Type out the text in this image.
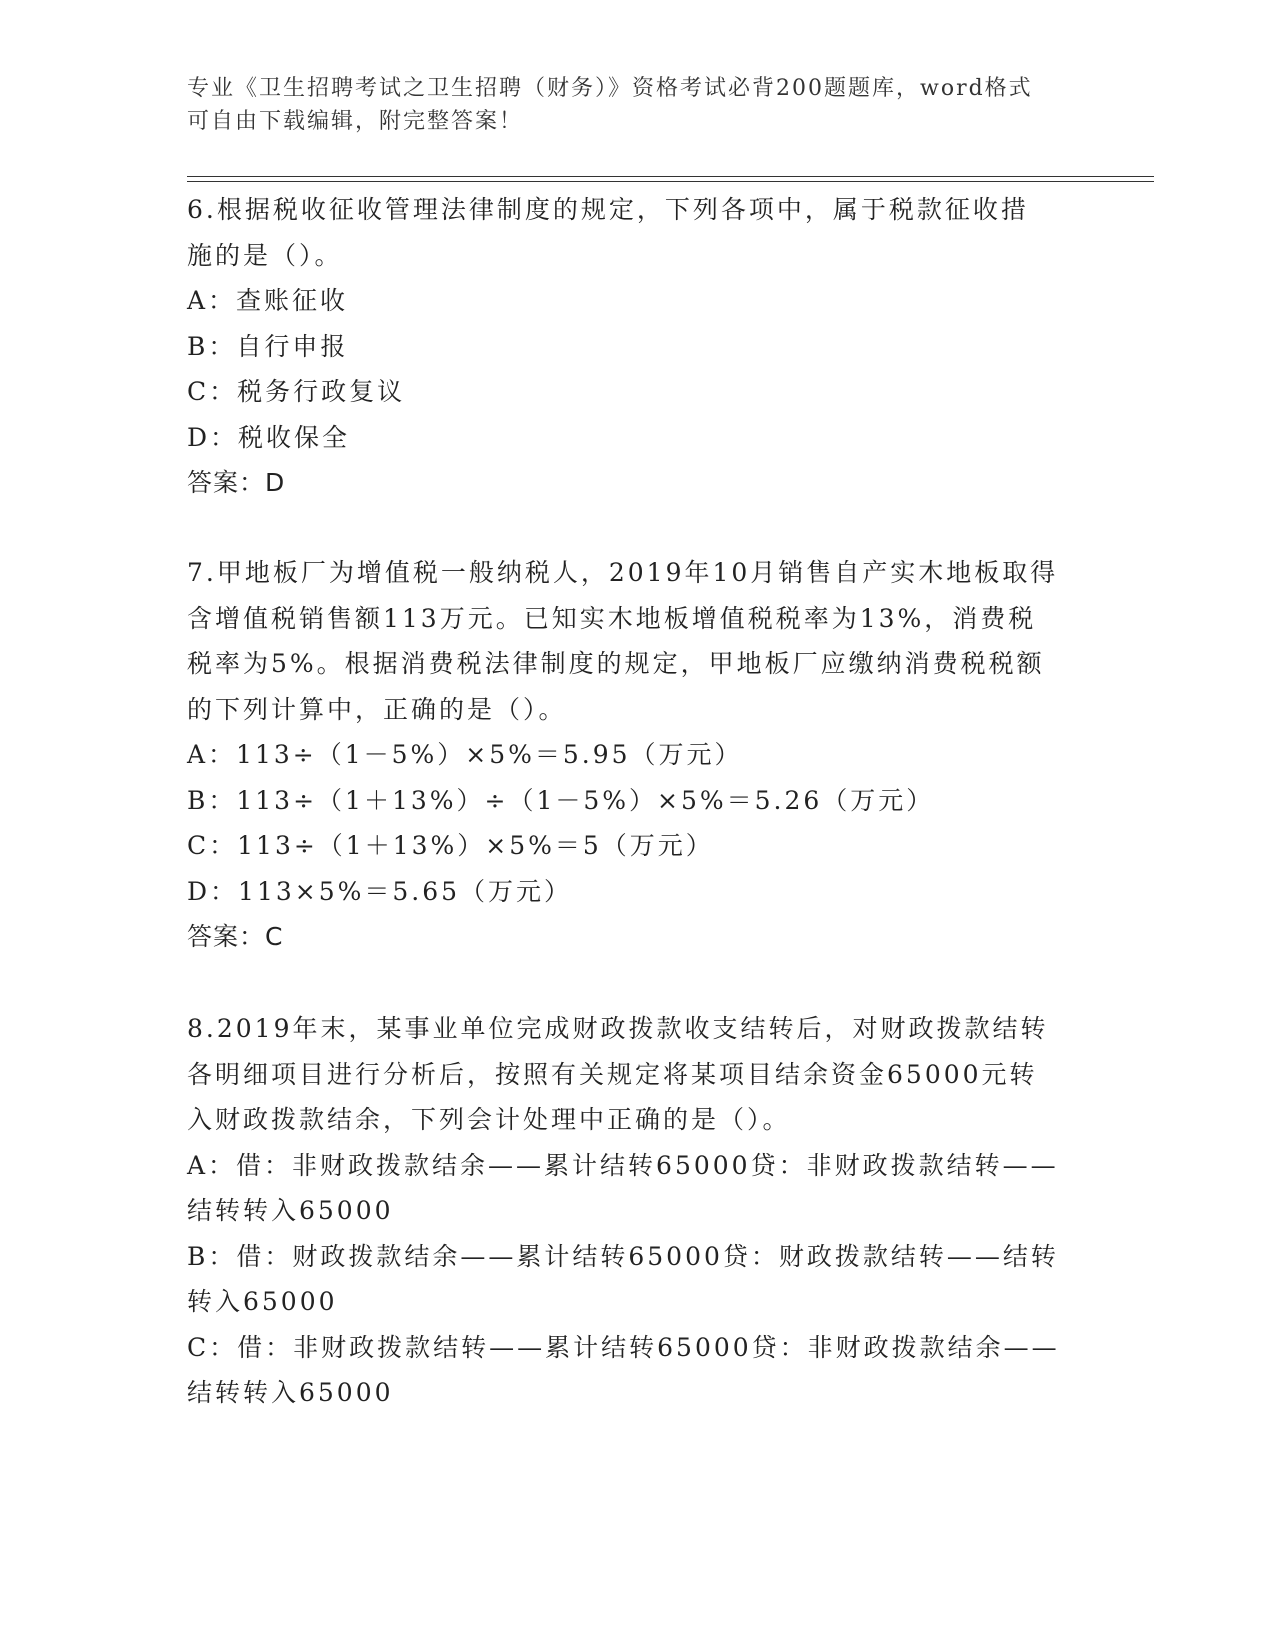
专业《卫生招聘考试之卫生招聘（财务）》资格考试必背200题题库，word格式
可自由下载编辑，附完整答案！
6.根据税收征收管理法律制度的规定，下列各项中，属于税款征收措
施的是（）。
A：查账征收
B：自行申报
C：税务行政复议
D：税收保全
答案：D
7.甲地板厂为增值税一般纳税人，2019年10月销售自产实木地板取得
含增值税销售额113万元。已知实木地板增值税税率为13%，消费税
税率为5%。根据消费税法律制度的规定，甲地板厂应缴纳消费税税额
的下列计算中，正确的是（）。
A：113÷（1－5%）×5%＝5.95（万元）
B：113÷（1＋13%）÷（1－5%）×5%＝5.26（万元）
C：113÷（1＋13%）×5%＝5（万元）
D：113×5%＝5.65（万元）
答案：C
8.2019年末，某事业单位完成财政拨款收支结转后，对财政拨款结转
各明细项目进行分析后，按照有关规定将某项目结余资金65000元转
入财政拨款结余，下列会计处理中正确的是（）。
A：借：非财政拨款结余——累计结转65000贷：非财政拨款结转——
结转转入65000
B：借：财政拨款结余——累计结转65000贷：财政拨款结转——结转
转入65000
C：借：非财政拨款结转——累计结转65000贷：非财政拨款结余——
结转转入65000
